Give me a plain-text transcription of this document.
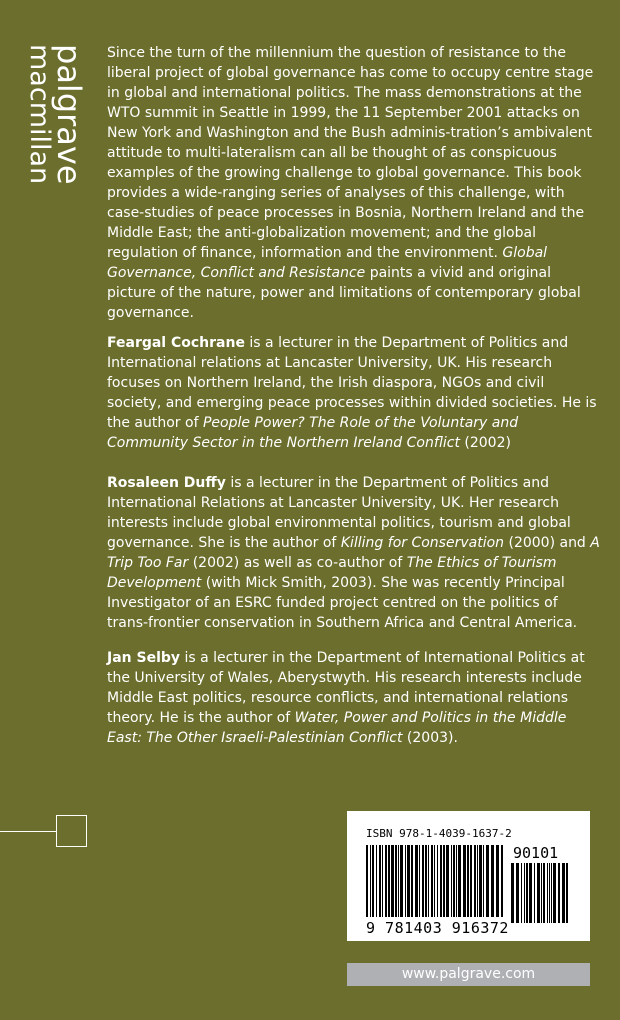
palgrave
macmillan	Since the turn of the millennium the question of resistance to the liberal project of global governance has come to occupy centre stage in global and international politics. The mass demonstrations at the WTO summit in Seattle in 1999, the 11 September 2001 attacks on New York and Washington and the Bush adminis-tration’s ambivalent attitude to multi-lateralism can all be thought of as conspicuous examples of the growing challenge to global governance. This book provides a wide-ranging series of analyses of this challenge, with case-studies of peace processes in Bosnia, Northern Ireland and the Middle East; the anti-globalization movement; and the global regulation of finance, information and the environment. Global Governance, Conflict and Resistance paints a vivid and original picture of the nature, power and limitations of contemporary global governance.

Feargal Cochrane is a lecturer in the Department of Politics and International relations at Lancaster University, UK. His research focuses on Northern Ireland, the Irish diaspora, NGOs and civil society, and emerging peace processes within divided societies. He is the author of People Power? The Role of the Voluntary and Community Sector in the Northern Ireland Conflict (2002)

Rosaleen Duffy is a lecturer in the Department of Politics and International Relations at Lancaster University, UK. Her research interests include global environmental politics, tourism and global governance. She is the author of Killing for Conservation (2000) and A Trip Too Far (2002) as well as co-author of The Ethics of Tourism Development (with Mick Smith, 2003). She was recently Principal Investigator of an ESRC funded project centred on the politics of trans-frontier conservation in Southern Africa and Central America.

Jan Selby is a lecturer in the Department of International Politics at the University of Wales, Aberystwyth. His research interests include Middle East politics, resource conflicts, and international relations theory. He is the author of Water, Power and Politics in the Middle East: The Other Israeli-Palestinian Conflict (2003).

ISBN 978-1-4039-1637-2
90101
9 781403 916372
www.palgrave.com
